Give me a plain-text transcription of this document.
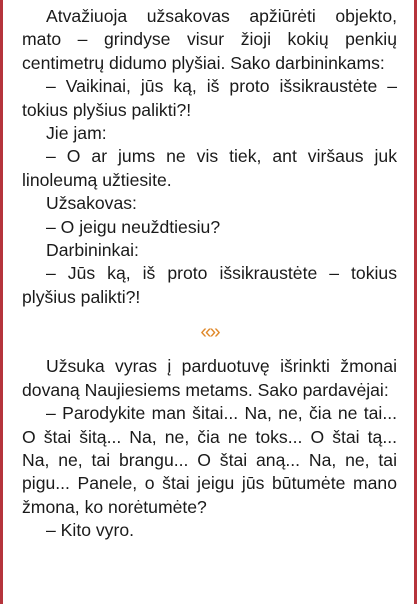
Atvažiuoja užsakovas apžiūrėti objekto, mato – grindyse visur žioji kokių penkių centimetrų didumo plyšiai. Sako darbininkams:

– Vaikinai, jūs ką, iš proto išsikraustėte – tokius plyšius palikti?!

Jie jam:

– O ar jums ne vis tiek, ant viršaus juk linoleumą užtiesite.

Užsakovas:

– O jeigu neuždtiesiu?

Darbininkai:

– Jūs ką, iš proto išsikraustėte – tokius plyšius palikti?!

«»

Užsuka vyras į parduotuvę išrinkti žmonai dovaną Naujiesiems metams. Sako pardavėjai:

– Parodykite man šitai... Na, ne, čia ne tai... O štai šitą... Na, ne, čia ne toks... O štai tą... Na, ne, tai brangu... O štai aną... Na, ne, tai pigu... Panele, o štai jeigu jūs būtumėte mano žmona, ko norėtumėte?

– Kito vyro.
